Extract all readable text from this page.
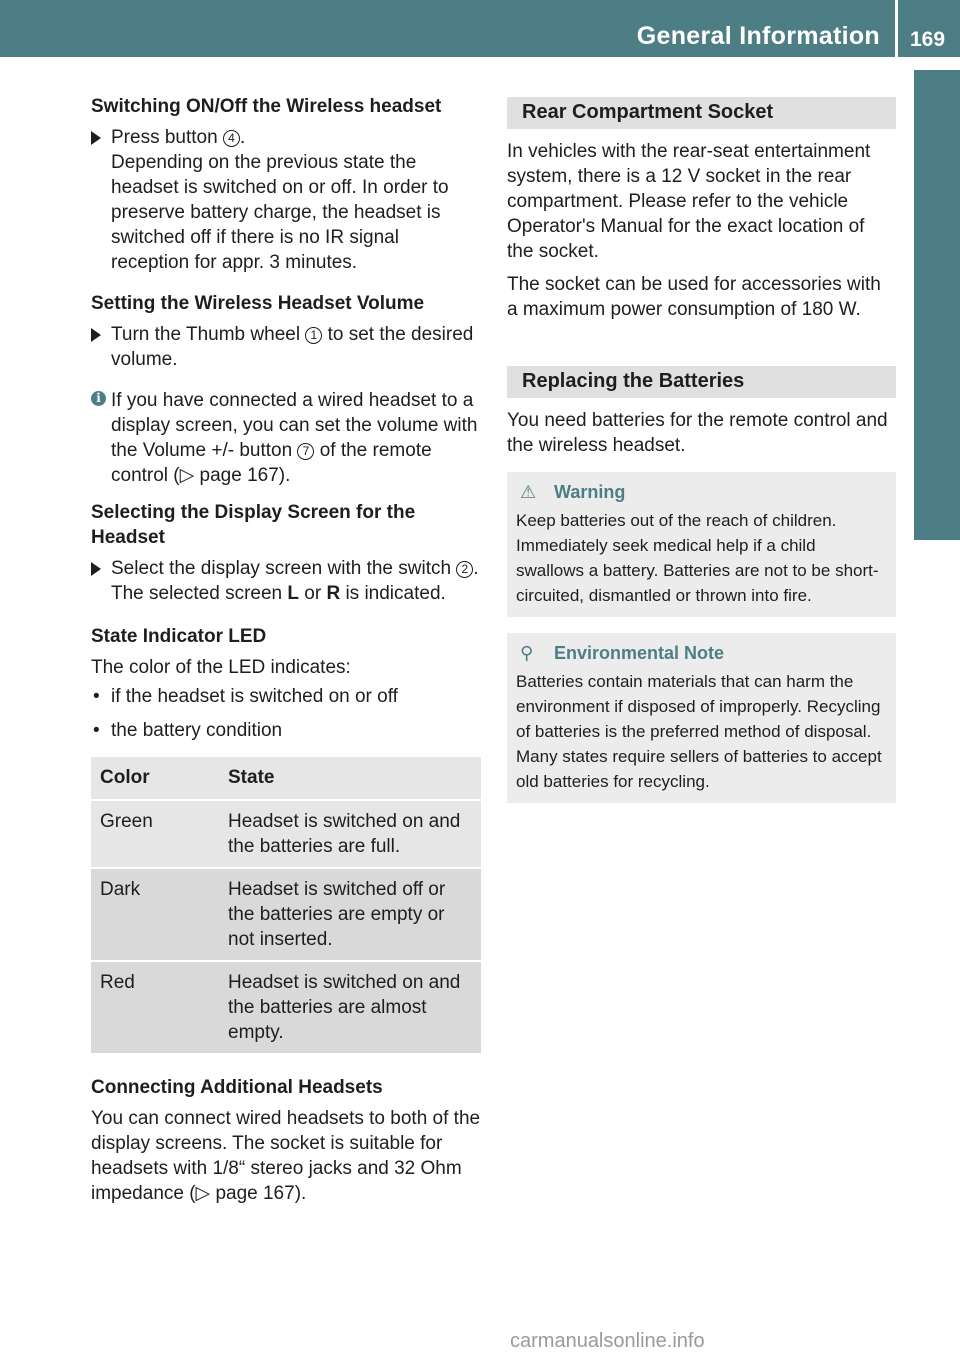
General Information 169
Rear Seat Entertainment
Switching ON/Off the Wireless headset
Press button 4 .
Depending on the previous state the headset is switched on or off. In order to preserve battery charge, the headset is switched off if there is no IR signal reception for appr. 3 minutes.
Setting the Wireless Headset Volume
Turn the Thumb wheel 1 to set the desired volume.
i If you have connected a wired headset to a display screen, you can set the volume with the Volume +/- button 7 of the remote control (▷ page 167).
Selecting the Display Screen for the Headset
Select the display screen with the switch 2 .
The selected screen L or R is indicated.
State Indicator LED
The color of the LED indicates:
• if the headset is switched on or off
• the battery condition
Color	State
Green	Headset is switched on and the batteries are full.
Dark	Headset is switched off or the batteries are empty or not inserted.
Red	Headset is switched on and the batteries are almost empty.
Connecting Additional Headsets
You can connect wired headsets to both of the display screens. The socket is suitable for headsets with 1/8“ stereo jacks and 32 Ohm impedance (▷ page 167).
Rear Compartment Socket
In vehicles with the rear-seat entertainment system, there is a 12 V socket in the rear compartment. Please refer to the vehicle Operator's Manual for the exact location of the socket.
The socket can be used for accessories with a maximum power consumption of 180 W.
Replacing the Batteries
You need batteries for the remote control and the wireless headset.
⚠ Warning
Keep batteries out of the reach of children. Immediately seek medical help if a child swallows a battery. Batteries are not to be short-circuited, dismantled or thrown into fire.
⚲ Environmental Note
Batteries contain materials that can harm the environment if disposed of improperly. Recycling of batteries is the preferred method of disposal. Many states require sellers of batteries to accept old batteries for recycling.
carmanualsonline.info
